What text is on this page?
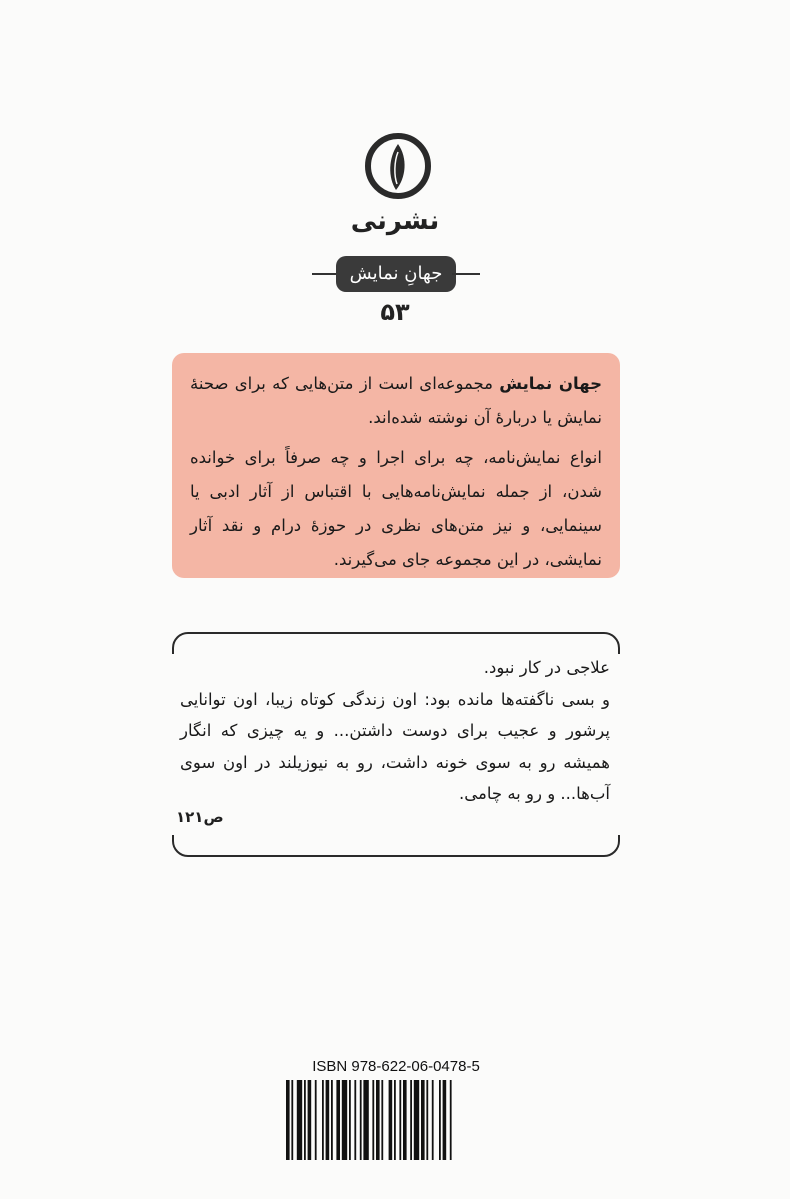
نشرنی
جهانِ نمایش
۵۳

جهان نمایش مجموعه‌ای است از متن‌هایی که برای صحنهٔ نمایش یا دربارهٔ آن نوشته شده‌اند.

انواع نمایش‌نامه، چه برای اجرا و چه صرفاً برای خوانده شدن، از جمله نمایش‌نامه‌هایی با اقتباس از آثار ادبی یا سینمایی، و نیز متن‌های نظری در حوزهٔ درام و نقد آثار نمایشی، در این مجموعه جای می‌گیرند.

علاجی در کار نبود.

و بسی ناگفته‌ها مانده بود: اون زندگی کوتاه زیبا، اون توانایی پرشور و عجیب برای دوست داشتن... و یه چیزی که انگار همیشه رو به سوی خونه داشت، رو به نیوزیلند در اون سوی آب‌ها... و رو به چامی.

ص۱۲۱
ISBN 978-622-06-0478-5
